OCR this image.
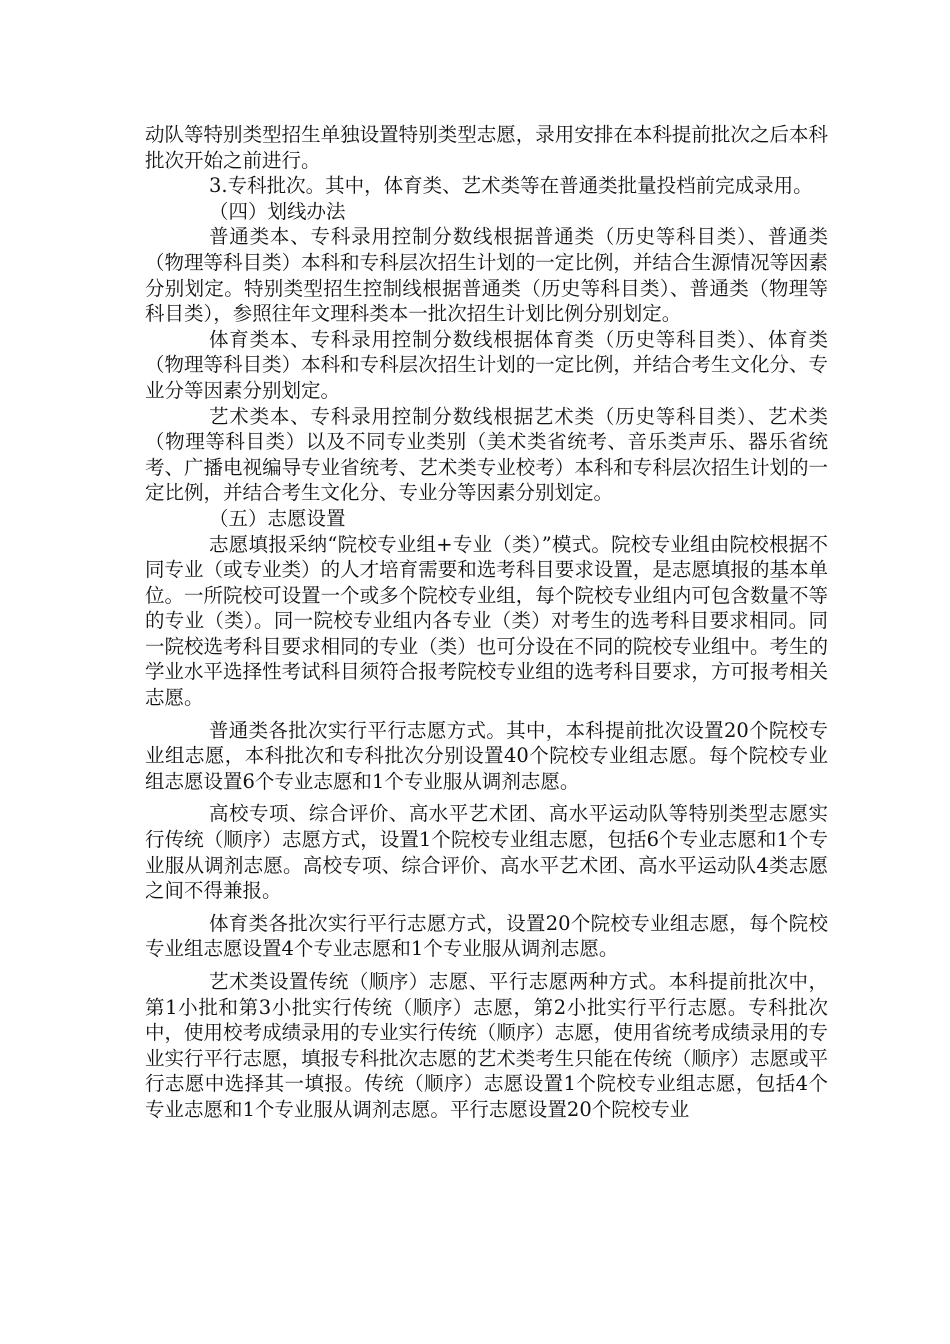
动队等特别类型招生单独设置特别类型志愿，录用安排在本科提前批次之后本科批次开始之前进行。

3.专科批次。其中，体育类、艺术类等在普通类批量投档前完成录用。

（四）划线办法

普通类本、专科录用控制分数线根据普通类（历史等科目类）、普通类（物理等科目类）本科和专科层次招生计划的一定比例，并结合生源情况等因素分别划定。特别类型招生控制线根据普通类（历史等科目类）、普通类（物理等科目类），参照往年文理科类本一批次招生计划比例分别划定。

体育类本、专科录用控制分数线根据体育类（历史等科目类）、体育类（物理等科目类）本科和专科层次招生计划的一定比例，并结合考生文化分、专业分等因素分别划定。

艺术类本、专科录用控制分数线根据艺术类（历史等科目类）、艺术类（物理等科目类）以及不同专业类别（美术类省统考、音乐类声乐、器乐省统考、广播电视编导专业省统考、艺术类专业校考）本科和专科层次招生计划的一定比例，并结合考生文化分、专业分等因素分别划定。

（五）志愿设置

志愿填报采纳“院校专业组+专业（类）”模式。院校专业组由院校根据不同专业（或专业类）的人才培育需要和选考科目要求设置，是志愿填报的基本单位。一所院校可设置一个或多个院校专业组，每个院校专业组内可包含数量不等的专业（类）。同一院校专业组内各专业（类）对考生的选考科目要求相同。同一院校选考科目要求相同的专业（类）也可分设在不同的院校专业组中。考生的学业水平选择性考试科目须符合报考院校专业组的选考科目要求，方可报考相关志愿。

普通类各批次实行平行志愿方式。其中，本科提前批次设置20个院校专业组志愿，本科批次和专科批次分别设置40个院校专业组志愿。每个院校专业组志愿设置6个专业志愿和1个专业服从调剂志愿。

高校专项、综合评价、高水平艺术团、高水平运动队等特别类型志愿实行传统（顺序）志愿方式，设置1个院校专业组志愿，包括6个专业志愿和1个专业服从调剂志愿。高校专项、综合评价、高水平艺术团、高水平运动队4类志愿之间不得兼报。

体育类各批次实行平行志愿方式，设置20个院校专业组志愿，每个院校专业组志愿设置4个专业志愿和1个专业服从调剂志愿。

艺术类设置传统（顺序）志愿、平行志愿两种方式。本科提前批次中，第1小批和第3小批实行传统（顺序）志愿，第2小批实行平行志愿。专科批次中，使用校考成绩录用的专业实行传统（顺序）志愿，使用省统考成绩录用的专业实行平行志愿，填报专科批次志愿的艺术类考生只能在传统（顺序）志愿或平行志愿中选择其一填报。传统（顺序）志愿设置1个院校专业组志愿，包括4个专业志愿和1个专业服从调剂志愿。平行志愿设置20个院校专业
